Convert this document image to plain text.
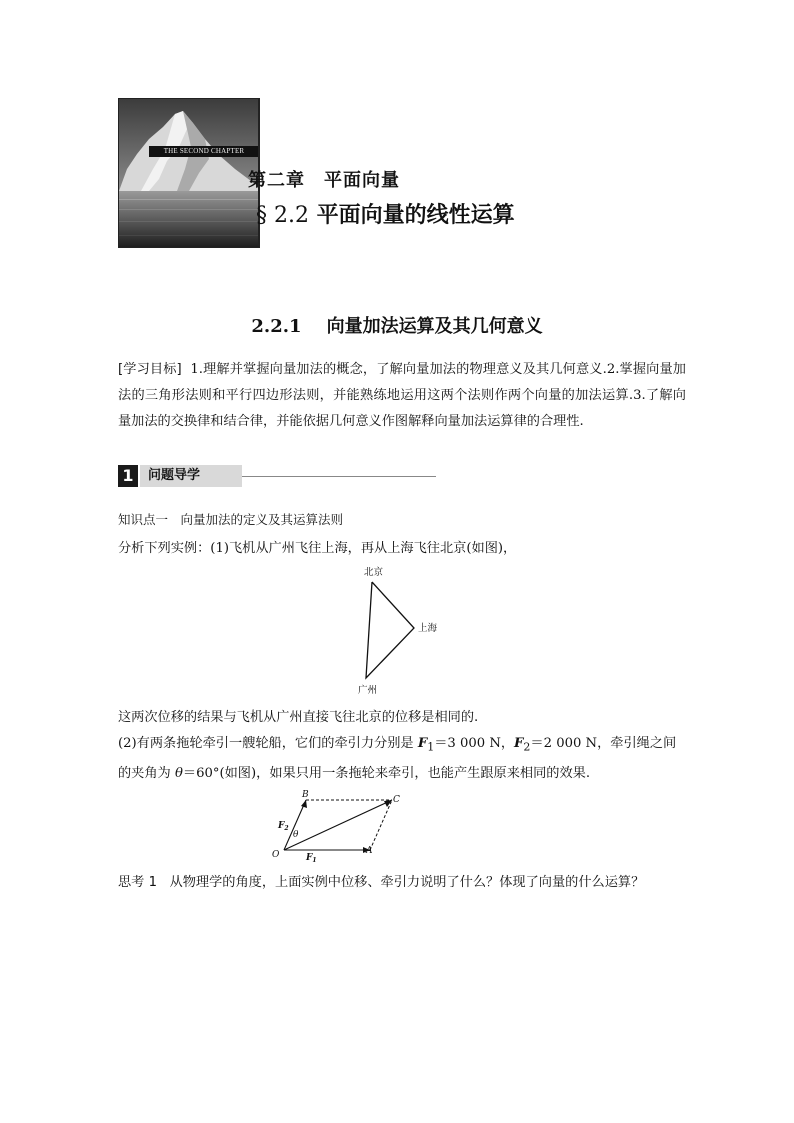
THE SECOND CHAPTER
第二章　平面向量
§ 2.2 平面向量的线性运算
2.2.1 向量加法运算及其几何意义
[学习目标] 1.理解并掌握向量加法的概念，了解向量加法的物理意义及其几何意义.2.掌握向量加法的三角形法则和平行四边形法则，并能熟练地运用这两个法则作两个向量的加法运算.3.了解向量加法的交换律和结合律，并能依据几何意义作图解释向量加法运算律的合理性.
1	问题导学
知识点一　向量加法的定义及其运算法则
分析下列实例：(1)飞机从广州飞往上海，再从上海飞往北京(如图)，
北京
上海
广州
这两次位移的结果与飞机从广州直接飞往北京的位移是相同的.
(2)有两条拖轮牵引一艘轮船，它们的牵引力分别是 $F_1=3$ 000 N，$F_2=2$ 000 N，牵引绳之间的夹角为 θ＝60°(如图)，如果只用一条拖轮来牵引，也能产生跟原来相同的效果.
B	C
O	A
$F_1$
$F_2$
θ
思考 1 从物理学的角度，上面实例中位移、牵引力说明了什么？体现了向量的什么运算？
